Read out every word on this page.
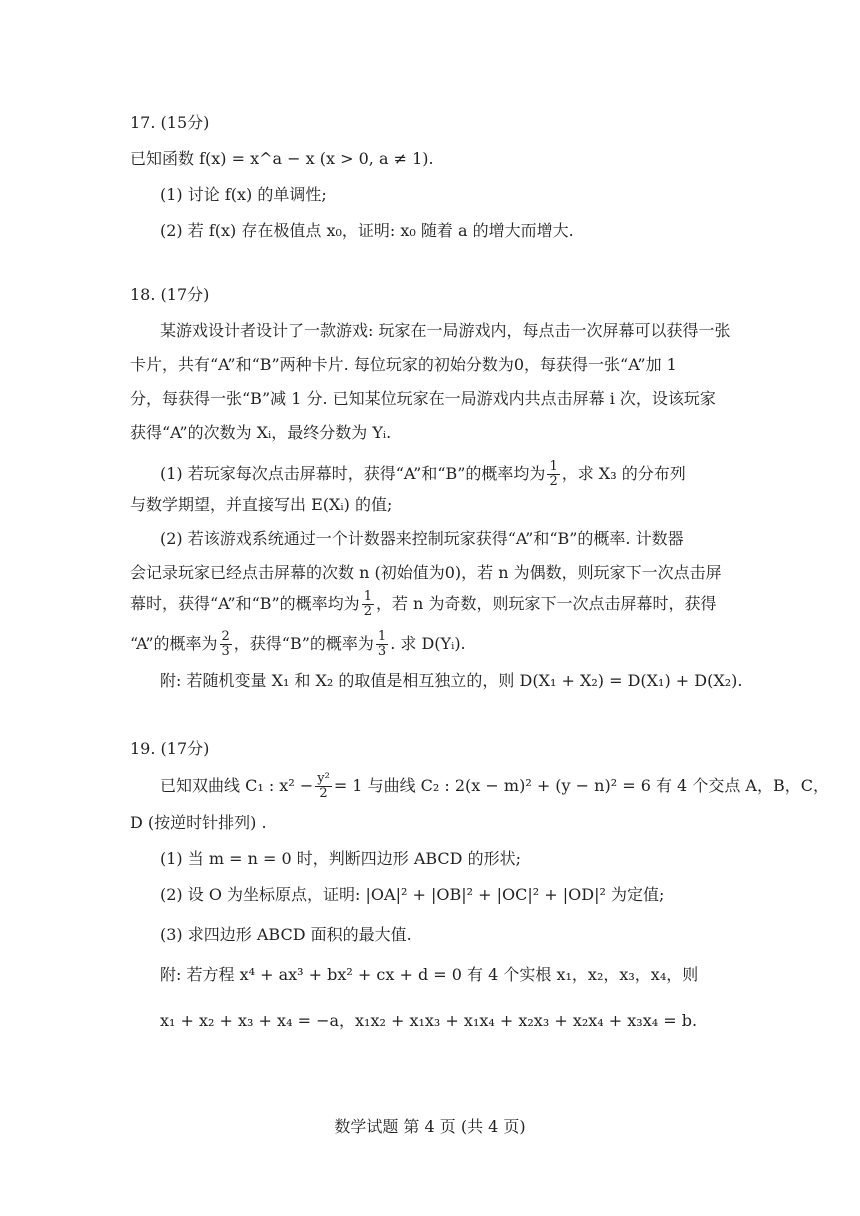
17. (15分)
已知函数 f(x) = x^a − x (x > 0, a ≠ 1).
(1) 讨论 f(x) 的单调性;
(2) 若 f(x) 存在极值点 x₀，证明: x₀ 随着 a 的增大而增大.
18. (17分)
某游戏设计者设计了一款游戏: 玩家在一局游戏内，每点击一次屏幕可以获得一张
卡片，共有“A”和“B”两种卡片. 每位玩家的初始分数为0，每获得一张“A”加 1
分，每获得一张“B”减 1 分. 已知某位玩家在一局游戏内共点击屏幕 i 次，设该玩家
获得“A”的次数为 Xᵢ，最终分数为 Yᵢ.
(1) 若玩家每次点击屏幕时，获得“A”和“B”的概率均为 $\frac{1}{2}$ ，求 X₃ 的分布列
与数学期望，并直接写出 E(Xᵢ) 的值;
(2) 若该游戏系统通过一个计数器来控制玩家获得“A”和“B”的概率. 计数器
会记录玩家已经点击屏幕的次数 n (初始值为0)，若 n 为偶数，则玩家下一次点击屏
幕时，获得“A”和“B”的概率均为 $\frac{1}{2}$ ，若 n 为奇数，则玩家下一次点击屏幕时，获得
“A”的概率为 $\frac{2}{3}$ ，获得“B”的概率为 $\frac{1}{3}$ . 求 D(Yᵢ).
附: 若随机变量 X₁ 和 X₂ 的取值是相互独立的，则 D(X₁ + X₂) = D(X₁) + D(X₂).
19. (17分)
已知双曲线 C₁ : $x^2 - \frac{\text{y²}}{2} = 1$ 与曲线 C₂ : 2(x − m)² + (y − n)² = 6 有 4 个交点 A，B，C，
D (按逆时针排列) .
(1) 当 m = n = 0 时，判断四边形 ABCD 的形状;
(2) 设 O 为坐标原点，证明: |OA|² + |OB|² + |OC|² + |OD|² 为定值;
(3) 求四边形 ABCD 面积的最大值.
附: 若方程 x⁴ + ax³ + bx² + cx + d = 0 有 4 个实根 x₁，x₂，x₃，x₄，则
x₁ + x₂ + x₃ + x₄ = −a，x₁x₂ + x₁x₃ + x₁x₄ + x₂x₃ + x₂x₄ + x₃x₄ = b.
数学试题 第 4 页 (共 4 页)
